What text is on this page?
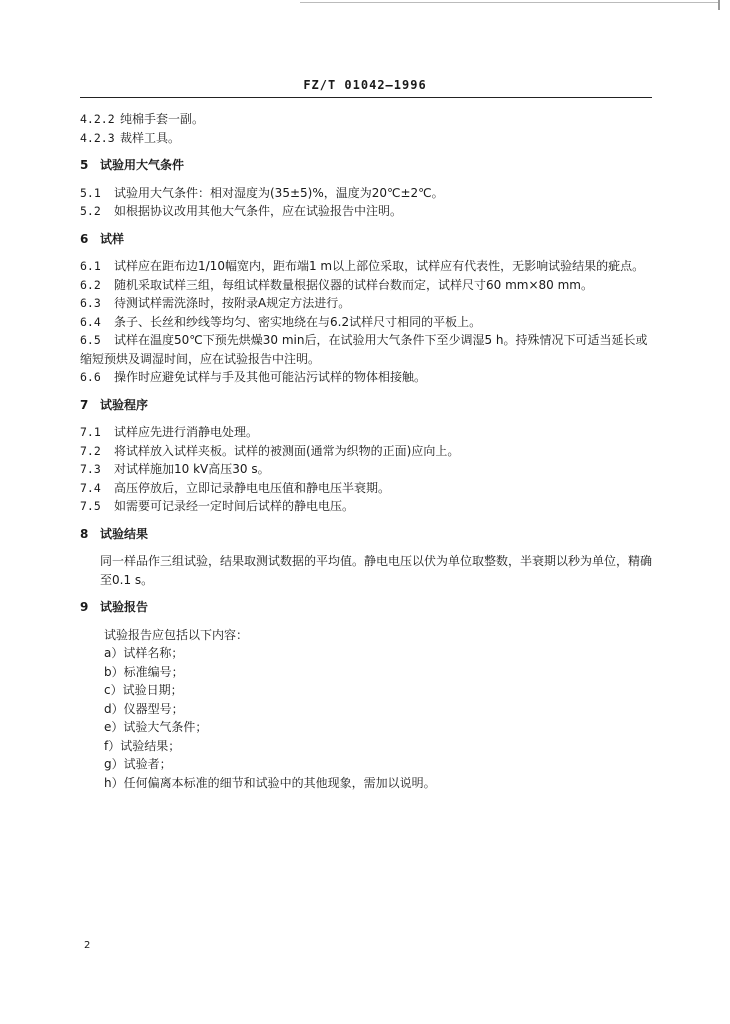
FZ/T 01042—1996
4.2.2 纯棉手套一副。
4.2.3 裁样工具。
5 试验用大气条件
5.1	试验用大气条件：相对湿度为(35±5)%，温度为20℃±2℃。
5.2	如根据协议改用其他大气条件，应在试验报告中注明。
6 试样
6.1 试样应在距布边1/10幅宽内，距布端1 m以上部位采取，试样应有代表性，无影响试验结果的疵点。
6.2	随机采取试样三组，每组试样数量根据仪器的试样台数而定，试样尺寸60 mm×80 mm。
6.3	待测试样需洗涤时，按附录A规定方法进行。
6.4	条子、长丝和纱线等均匀、密实地绕在与6.2试样尺寸相同的平板上。
6.5 试样在温度50℃下预先烘燥30 min后，在试验用大气条件下至少调湿5 h。持殊情况下可适当延长或缩短预烘及调湿时间，应在试验报告中注明。
6.6	操作时应避免试样与手及其他可能沾污试样的物体相接触。
7 试验程序
7.1	试样应先进行消静电处理。
7.2	将试样放入试样夹板。试样的被测面(通常为织物的正面)应向上。
7.3	对试样施加10 kV高压30 s。
7.4	高压停放后，立即记录静电电压值和静电压半衰期。
7.5	如需要可记录经一定时间后试样的静电电压。
8 试验结果

同一样品作三组试验，结果取测试数据的平均值。静电电压以伏为单位取整数，半衰期以秒为单位，精确至0.1 s。

9 试验报告

试验报告应包括以下内容：

a）试样名称；

b）标准编号；

c）试验日期；

d）仪器型号；

e）试验大气条件；

f）试验结果；

g）试验者；

h）任何偏离本标准的细节和试验中的其他现象，需加以说明。

2
